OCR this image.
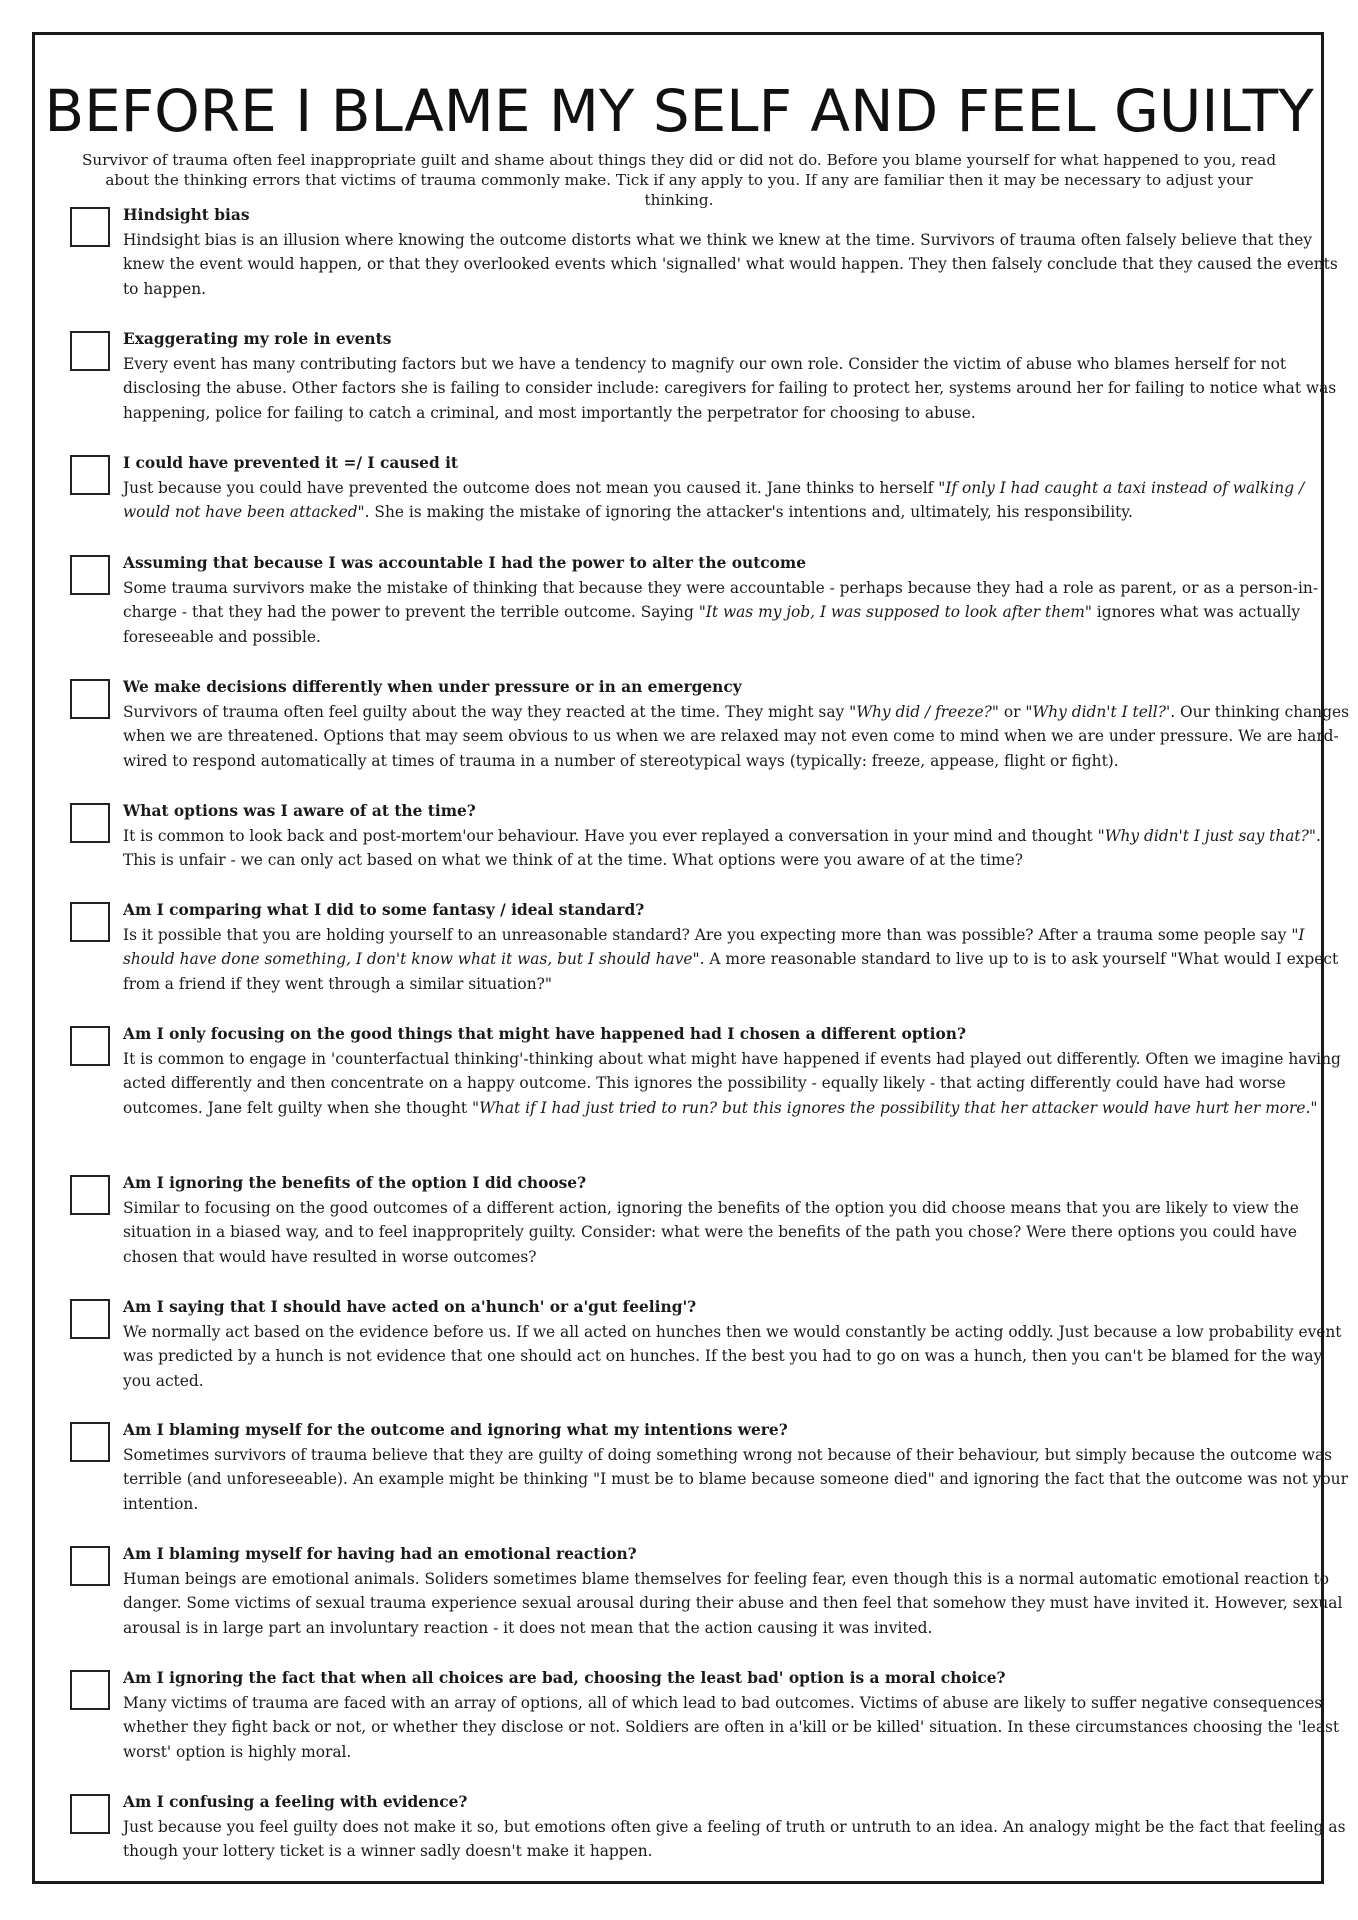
BEFORE I BLAME MY SELF AND FEEL GUILTY

Survivor of trauma often feel inappropriate guilt and shame about things they did or did not do. Before you blame yourself for what happened to you, read about the thinking errors that victims of trauma commonly make. Tick if any apply to you. If any are familiar then it may be necessary to adjust your thinking.

Hindsight bias
Hindsight bias is an illusion where knowing the outcome distorts what we think we knew at the time. Survivors of trauma often falsely believe that they knew the event would happen, or that they overlooked events which 'signalled' what would happen. They then falsely conclude that they caused the events to happen.
Exaggerating my role in events
Every event has many contributing factors but we have a tendency to magnify our own role. Consider the victim of abuse who blames herself for not disclosing the abuse. Other factors she is failing to consider include: caregivers for failing to protect her, systems around her for failing to notice what was happening, police for failing to catch a criminal, and most importantly the perpetrator for choosing to abuse.
I could have prevented it =/ I caused it
Just because you could have prevented the outcome does not mean you caused it. Jane thinks to herself "If only I had caught a taxi instead of walking / would not have been attacked". She is making the mistake of ignoring the attacker's intentions and, ultimately, his responsibility.
Assuming that because I was accountable I had the power to alter the outcome
Some trauma survivors make the mistake of thinking that because they were accountable - perhaps because they had a role as parent, or as a person-in-charge - that they had the power to prevent the terrible outcome. Saying "It was my job, I was supposed to look after them" ignores what was actually foreseeable and possible.
We make decisions differently when under pressure or in an emergency
Survivors of trauma often feel guilty about the way they reacted at the time. They might say "Why did / freeze?" or "Why didn't I tell?'. Our thinking changes when we are threatened. Options that may seem obvious to us when we are relaxed may not even come to mind when we are under pressure. We are hard-wired to respond automatically at times of trauma in a number of stereotypical ways (typically: freeze, appease, flight or fight).
What options was I aware of at the time?
It is common to look back and post-mortem'our behaviour. Have you ever replayed a conversation in your mind and thought "Why didn't I just say that?". This is unfair - we can only act based on what we think of at the time. What options were you aware of at the time?
Am I comparing what I did to some fantasy / ideal standard?
Is it possible that you are holding yourself to an unreasonable standard? Are you expecting more than was possible? After a trauma some people say "I should have done something, I don't know what it was, but I should have". A more reasonable standard to live up to is to ask yourself "What would I expect from a friend if they went through a similar situation?"
Am I only focusing on the good things that might have happened had I chosen a different option?
It is common to engage in 'counterfactual thinking'-thinking about what might have happened if events had played out differently. Often we imagine having acted differently and then concentrate on a happy outcome. This ignores the possibility - equally likely - that acting differently could have had worse outcomes. Jane felt guilty when she thought "What if I had just tried to run? but this ignores the possibility that her attacker would have hurt her more."
Am I ignoring the benefits of the option I did choose?
Similar to focusing on the good outcomes of a different action, ignoring the benefits of the option you did choose means that you are likely to view the situation in a biased way, and to feel inappropritely guilty. Consider: what were the benefits of the path you chose? Were there options you could have chosen that would have resulted in worse outcomes?
Am I saying that I should have acted on a'hunch' or a'gut feeling'?
We normally act based on the evidence before us. If we all acted on hunches then we would constantly be acting oddly. Just because a low probability event was predicted by a hunch is not evidence that one should act on hunches. If the best you had to go on was a hunch, then you can't be blamed for the way you acted.
Am I blaming myself for the outcome and ignoring what my intentions were?
Sometimes survivors of trauma believe that they are guilty of doing something wrong not because of their behaviour, but simply because the outcome was terrible (and unforeseeable). An example might be thinking "I must be to blame because someone died" and ignoring the fact that the outcome was not your intention.
Am I blaming myself for having had an emotional reaction?
Human beings are emotional animals. Soliders sometimes blame themselves for feeling fear, even though this is a normal automatic emotional reaction to danger. Some victims of sexual trauma experience sexual arousal during their abuse and then feel that somehow they must have invited it. However, sexual arousal is in large part an involuntary reaction - it does not mean that the action causing it was invited.
Am I ignoring the fact that when all choices are bad, choosing the least bad' option is a moral choice?
Many victims of trauma are faced with an array of options, all of which lead to bad outcomes. Victims of abuse are likely to suffer negative consequences whether they fight back or not, or whether they disclose or not. Soldiers are often in a'kill or be killed' situation. In these circumstances choosing the 'least worst' option is highly moral.
Am I confusing a feeling with evidence?
Just because you feel guilty does not make it so, but emotions often give a feeling of truth or untruth to an idea. An analogy might be the fact that feeling as though your lottery ticket is a winner sadly doesn't make it happen.
